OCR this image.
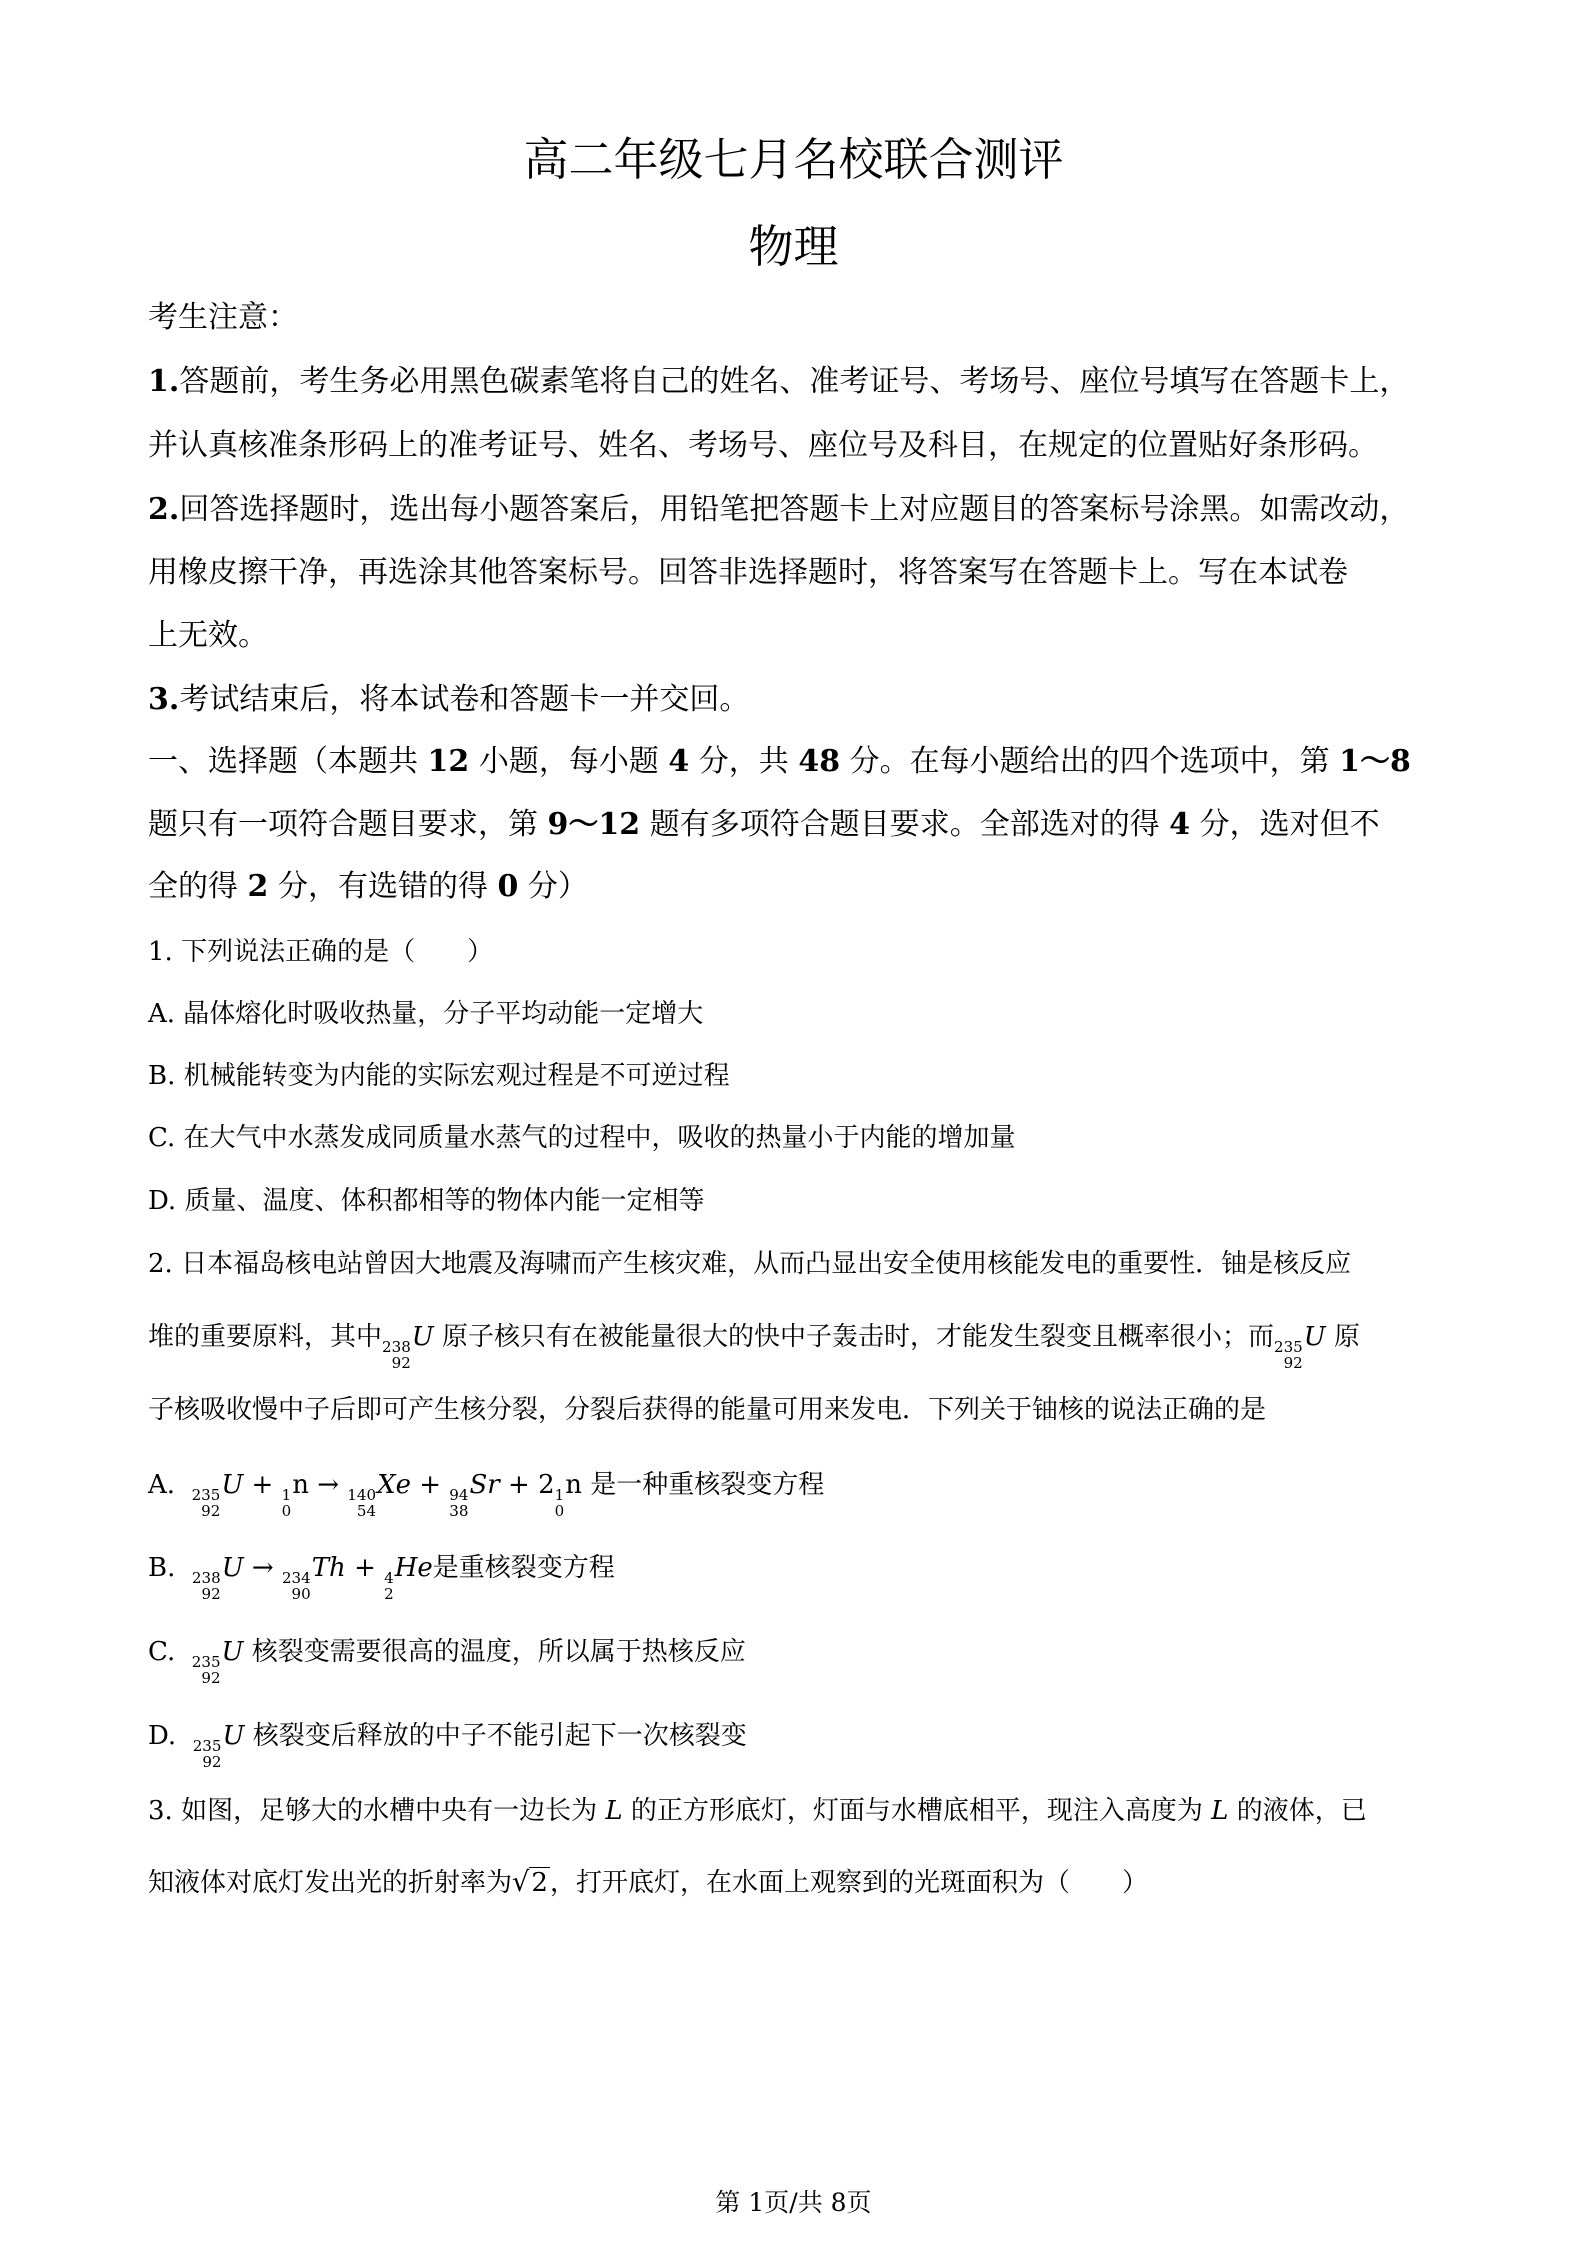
高二年级七月名校联合测评
物理
考生注意：
1.答题前，考生务必用黑色碳素笔将自己的姓名、准考证号、考场号、座位号填写在答题卡上，
并认真核准条形码上的准考证号、姓名、考场号、座位号及科目，在规定的位置贴好条形码。
2.回答选择题时，选出每小题答案后，用铅笔把答题卡上对应题目的答案标号涂黑。如需改动，
用橡皮擦干净，再选涂其他答案标号。回答非选择题时，将答案写在答题卡上。写在本试卷
上无效。
3.考试结束后，将本试卷和答题卡一并交回。
一、选择题（本题共 12 小题，每小题 4 分，共 48 分。在每小题给出的四个选项中，第 1～8
题只有一项符合题目要求，第 9～12 题有多项符合题目要求。全部选对的得 4 分，选对但不
全的得 2 分，有选错的得 0 分）
1. 下列说法正确的是（　　）
A. 晶体熔化时吸收热量，分子平均动能一定增大
B. 机械能转变为内能的实际宏观过程是不可逆过程
C. 在大气中水蒸发成同质量水蒸气的过程中，吸收的热量小于内能的增加量
D. 质量、温度、体积都相等的物体内能一定相等
2. 日本福岛核电站曾因大地震及海啸而产生核灾难，从而凸显出安全使用核能发电的重要性．铀是核反应
堆的重要原料，其中 238
92
U 原子核只有在被能量很大的快中子轰击时，才能发生裂变且概率很小；而 235
92
U 原
子核吸收慢中子后即可产生核分裂，分裂后获得的能量可用来发电．下列关于铀核的说法正确的是
A. 235
92
U + 1
0
n → 140
54
Xe + 94
38
Sr + 2 1
0
n 是一种重核裂变方程
B. 238
92
U → 234
90
Th + 4
2
He是重核裂变方程
C. 235
92
U 核裂变需要很高的温度，所以属于热核反应
D. 235
92
U 核裂变后释放的中子不能引起下一次核裂变
3. 如图，足够大的水槽中央有一边长为 L 的正方形底灯，灯面与水槽底相平，现注入高度为 L 的液体，已
知液体对底灯发出光的折射率为√2，打开底灯，在水面上观察到的光斑面积为（　　）
第 1页/共 8页
